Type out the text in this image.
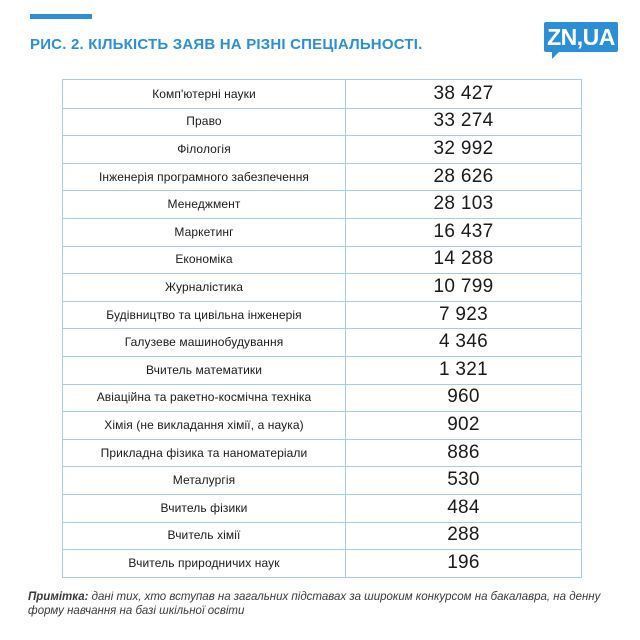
РИС. 2. КІЛЬКІСТЬ ЗАЯВ НА РІЗНІ СПЕЦІАЛЬНОСТІ.	ZN,UA
Комп'ютерні науки	38 427
Право	33 274
Філологія	32 992
Інженерія програмного забезпечення	28 626
Менеджмент	28 103
Маркетинг	16 437
Економіка	14 288
Журналістика	10 799
Будівництво та цивільна інженерія	7 923
Галузеве машинобудування	4 346
Вчитель математики	1 321
Авіаційна та ракетно-космічна техніка	960
Хімія (не викладання хімії, а наука)	902
Прикладна фізика та наноматеріали	886
Металургія	530
Вчитель фізики	484
Вчитель хімії	288
Вчитель природничих наук	196
Примітка: дані тих, хто вступав на загальних підставах за широким конкурсом на бакалавра, на денну форму навчання на базі шкільної освіти
